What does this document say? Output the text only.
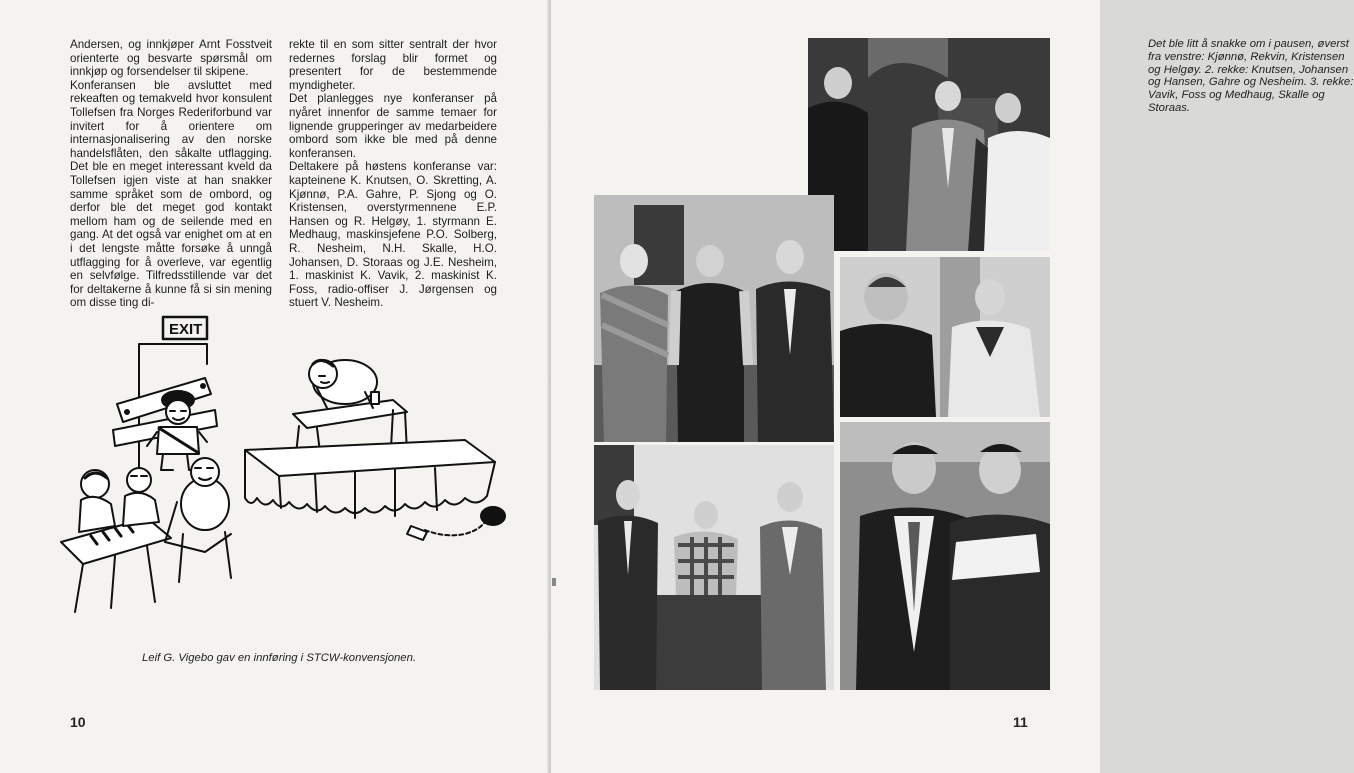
Andersen, og innkjøper Arnt Fosstveit orienterte og besvarte spørsmål om innkjøp og forsendelser til skipene.
Konferansen ble avsluttet med rekeaften og temakveld hvor konsulent Tollefsen fra Norges Rederiforbund var invitert for å orientere om internasjonalisering av den norske handelsflåten, den såkalte utflagging. Det ble en meget interessant kveld da Tollefsen igjen viste at han snakker samme språket som de ombord, og derfor ble det meget god kontakt mellom ham og de seilende med en gang. At det også var enighet om at en i det lengste måtte forsøke å unngå utflagging for å overleve, var egentlig en selvfølge. Tilfredsstillende var det for deltakerne å kunne få si sin mening om disse ting di-
rekte til en som sitter sentralt der hvor redernes forslag blir formet og presentert for de bestemmende myndigheter.
Det planlegges nye konferanser på nyåret innenfor de samme temaer for lignende grupperinger av medarbeidere ombord som ikke ble med på denne konferansen.
Deltakere på høstens konferanse var: kapteinene K. Knutsen, O. Skretting, A. Kjønnø, P.A. Gahre, P. Sjong og O. Kristensen, overstyrmennene E.P. Hansen og R. Helgøy, 1. styrmann E. Medhaug, maskinsjefene P.O. Solberg, R. Nesheim, N.H. Skalle, H.O. Johansen, D. Storaas og J.E. Nesheim, 1. maskinist K. Vavik, 2. maskinist K. Foss, radio-offiser J. Jørgensen og stuert V. Nesheim.
EXIT
Leif G. Vigebo gav en innføring i STCW-konvensjonen.
10
Det ble litt å snakke om i pausen, øverst fra venstre: Kjønnø, Rekvin, Kristensen og Helgøy. 2. rekke: Knutsen, Johansen og Hansen, Gahre og Nesheim. 3. rekke: Vavik, Foss og Medhaug, Skalle og Storaas.
11
